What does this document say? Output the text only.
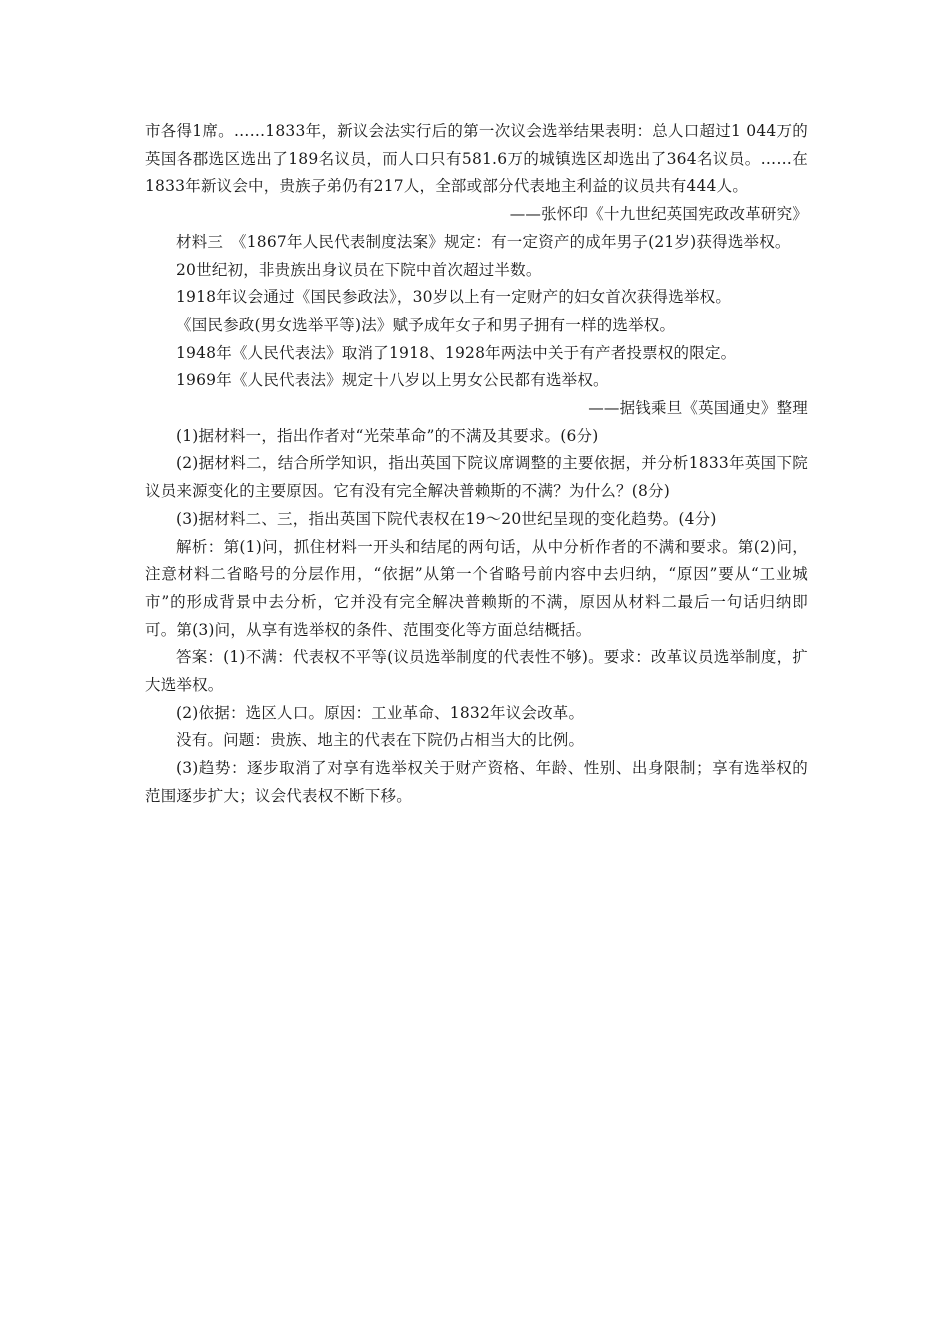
市各得1席。……1833年，新议会法实行后的第一次议会选举结果表明：总人口超过1 044万的英国各郡选区选出了189名议员，而人口只有581.6万的城镇选区却选出了364名议员。……在1833年新议会中，贵族子弟仍有217人，全部或部分代表地主利益的议员共有444人。

——张怀印《十九世纪英国宪政改革研究》

材料三　《1867年人民代表制度法案》规定：有一定资产的成年男子(21岁)获得选举权。

20世纪初，非贵族出身议员在下院中首次超过半数。

1918年议会通过《国民参政法》，30岁以上有一定财产的妇女首次获得选举权。

《国民参政(男女选举平等)法》赋予成年女子和男子拥有一样的选举权。

1948年《人民代表法》取消了1918、1928年两法中关于有产者投票权的限定。

1969年《人民代表法》规定十八岁以上男女公民都有选举权。

——据钱乘旦《英国通史》整理

(1)据材料一，指出作者对“光荣革命”的不满及其要求。(6分)

(2)据材料二，结合所学知识，指出英国下院议席调整的主要依据，并分析1833年英国下院议员来源变化的主要原因。它有没有完全解决普赖斯的不满？为什么？(8分)

(3)据材料二、三，指出英国下院代表权在19～20世纪呈现的变化趋势。(4分)

解析：第(1)问，抓住材料一开头和结尾的两句话，从中分析作者的不满和要求。第(2)问，注意材料二省略号的分层作用，“依据”从第一个省略号前内容中去归纳，“原因”要从“工业城市”的形成背景中去分析，它并没有完全解决普赖斯的不满，原因从材料二最后一句话归纳即可。第(3)问，从享有选举权的条件、范围变化等方面总结概括。

答案：(1)不满：代表权不平等(议员选举制度的代表性不够)。要求：改革议员选举制度，扩大选举权。

(2)依据：选区人口。原因：工业革命、1832年议会改革。

没有。问题：贵族、地主的代表在下院仍占相当大的比例。

(3)趋势：逐步取消了对享有选举权关于财产资格、年龄、性别、出身限制；享有选举权的范围逐步扩大；议会代表权不断下移。
